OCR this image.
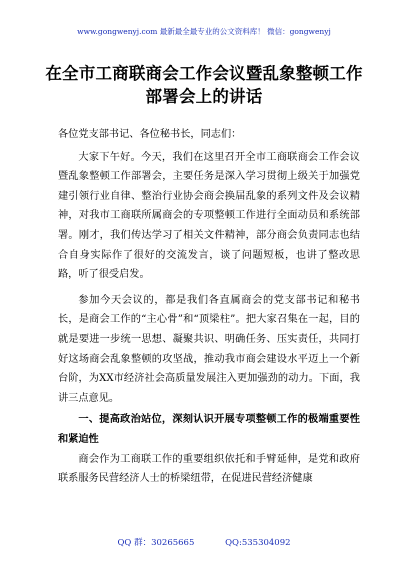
www.gongwenyj.com 最新最全最专业的公文资料库！ 微信：gongwenyj
在全市工商联商会工作会议暨乱象整顿工作部署会上的讲话

各位党支部书记、各位秘书长，同志们：

大家下午好。今天，我们在这里召开全市工商联商会工作会议暨乱象整顿工作部署会，主要任务是深入学习贯彻上级关于加强党建引领行业自律、整治行业协会商会换届乱象的系列文件及会议精神，对我市工商联所属商会的专项整顿工作进行全面动员和系统部署。刚才，我们传达学习了相关文件精神，部分商会负责同志也结合自身实际作了很好的交流发言，谈了问题短板，也讲了整改思路，听了很受启发。

参加今天会议的，都是我们各直属商会的党支部书记和秘书长，是商会工作的“主心骨”和“顶梁柱”。把大家召集在一起，目的就是要进一步统一思想、凝聚共识、明确任务、压实责任，共同打好这场商会乱象整顿的攻坚战，推动我市商会建设水平迈上一个新台阶，为XX市经济社会高质量发展注入更加强劲的动力。下面，我讲三点意见。

一、提高政治站位，深刻认识开展专项整顿工作的极端重要性和紧迫性

商会作为工商联工作的重要组织依托和手臂延伸，是党和政府联系服务民营经济人士的桥梁纽带，在促进民营经济健康

QQ 群：30265665	QQ:535304092
